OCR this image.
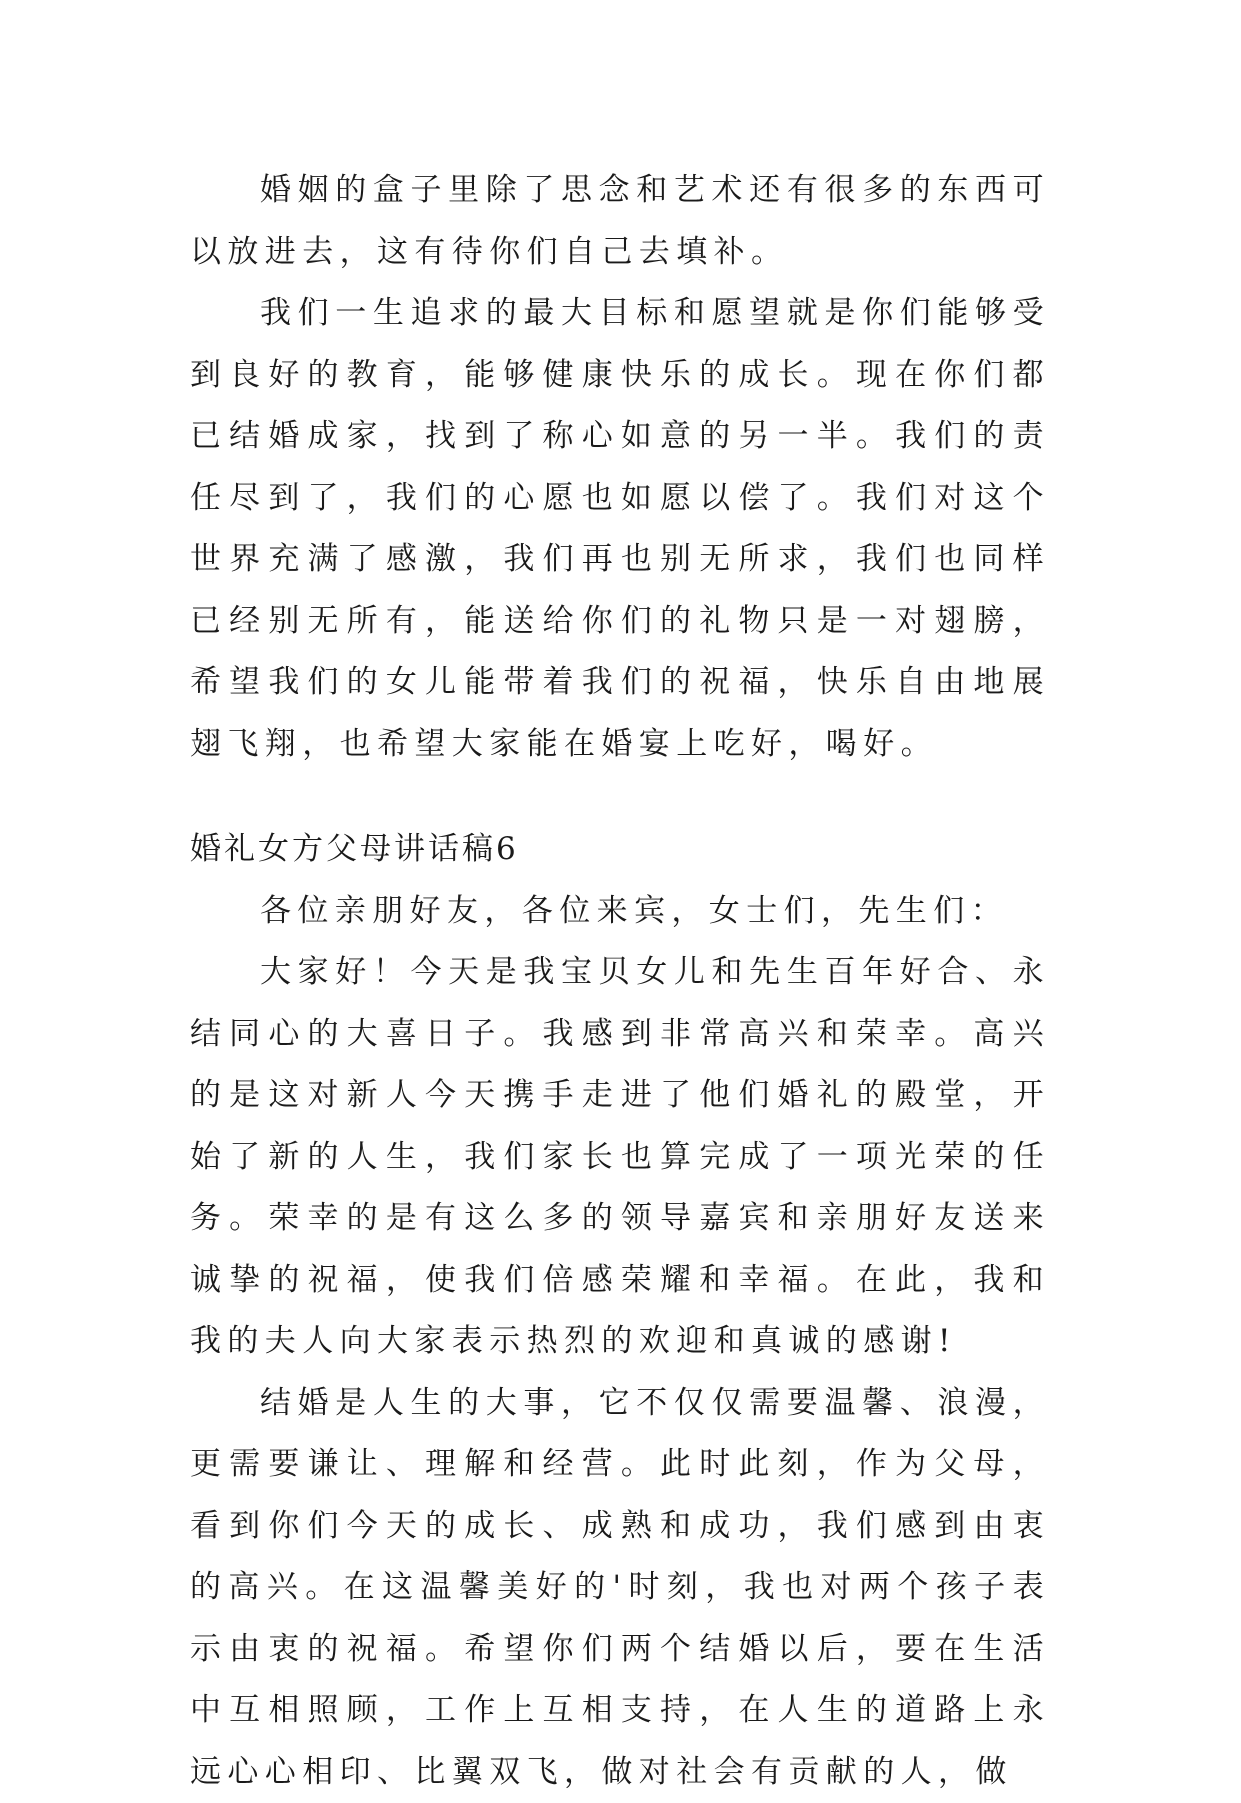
婚姻的盒子里除了思念和艺术还有很多的东西可以放进去，这有待你们自己去填补。

我们一生追求的最大目标和愿望就是你们能够受到良好的教育，能够健康快乐的成长。现在你们都已结婚成家，找到了称心如意的另一半。我们的责任尽到了，我们的心愿也如愿以偿了。我们对这个世界充满了感激，我们再也别无所求，我们也同样已经别无所有，能送给你们的礼物只是一对翅膀，希望我们的女儿能带着我们的祝福，快乐自由地展翅飞翔，也希望大家能在婚宴上吃好，喝好。

婚礼女方父母讲话稿6

各位亲朋好友，各位来宾，女士们，先生们：

大家好！今天是我宝贝女儿和先生百年好合、永结同心的大喜日子。我感到非常高兴和荣幸。高兴的是这对新人今天携手走进了他们婚礼的殿堂，开始了新的人生，我们家长也算完成了一项光荣的任务。荣幸的是有这么多的领导嘉宾和亲朋好友送来诚挚的祝福，使我们倍感荣耀和幸福。在此，我和我的夫人向大家表示热烈的欢迎和真诚的感谢!

结婚是人生的大事，它不仅仅需要温馨、浪漫，更需要谦让、理解和经营。此时此刻，作为父母，看到你们今天的成长、成熟和成功，我们感到由衷的高兴。在这温馨美好的'时刻，我也对两个孩子表示由衷的祝福。希望你们两个结婚以后，要在生活中互相照顾，工作上互相支持，在人生的道路上永远心心相印、比翼双飞，做对社会有贡献的人，做
